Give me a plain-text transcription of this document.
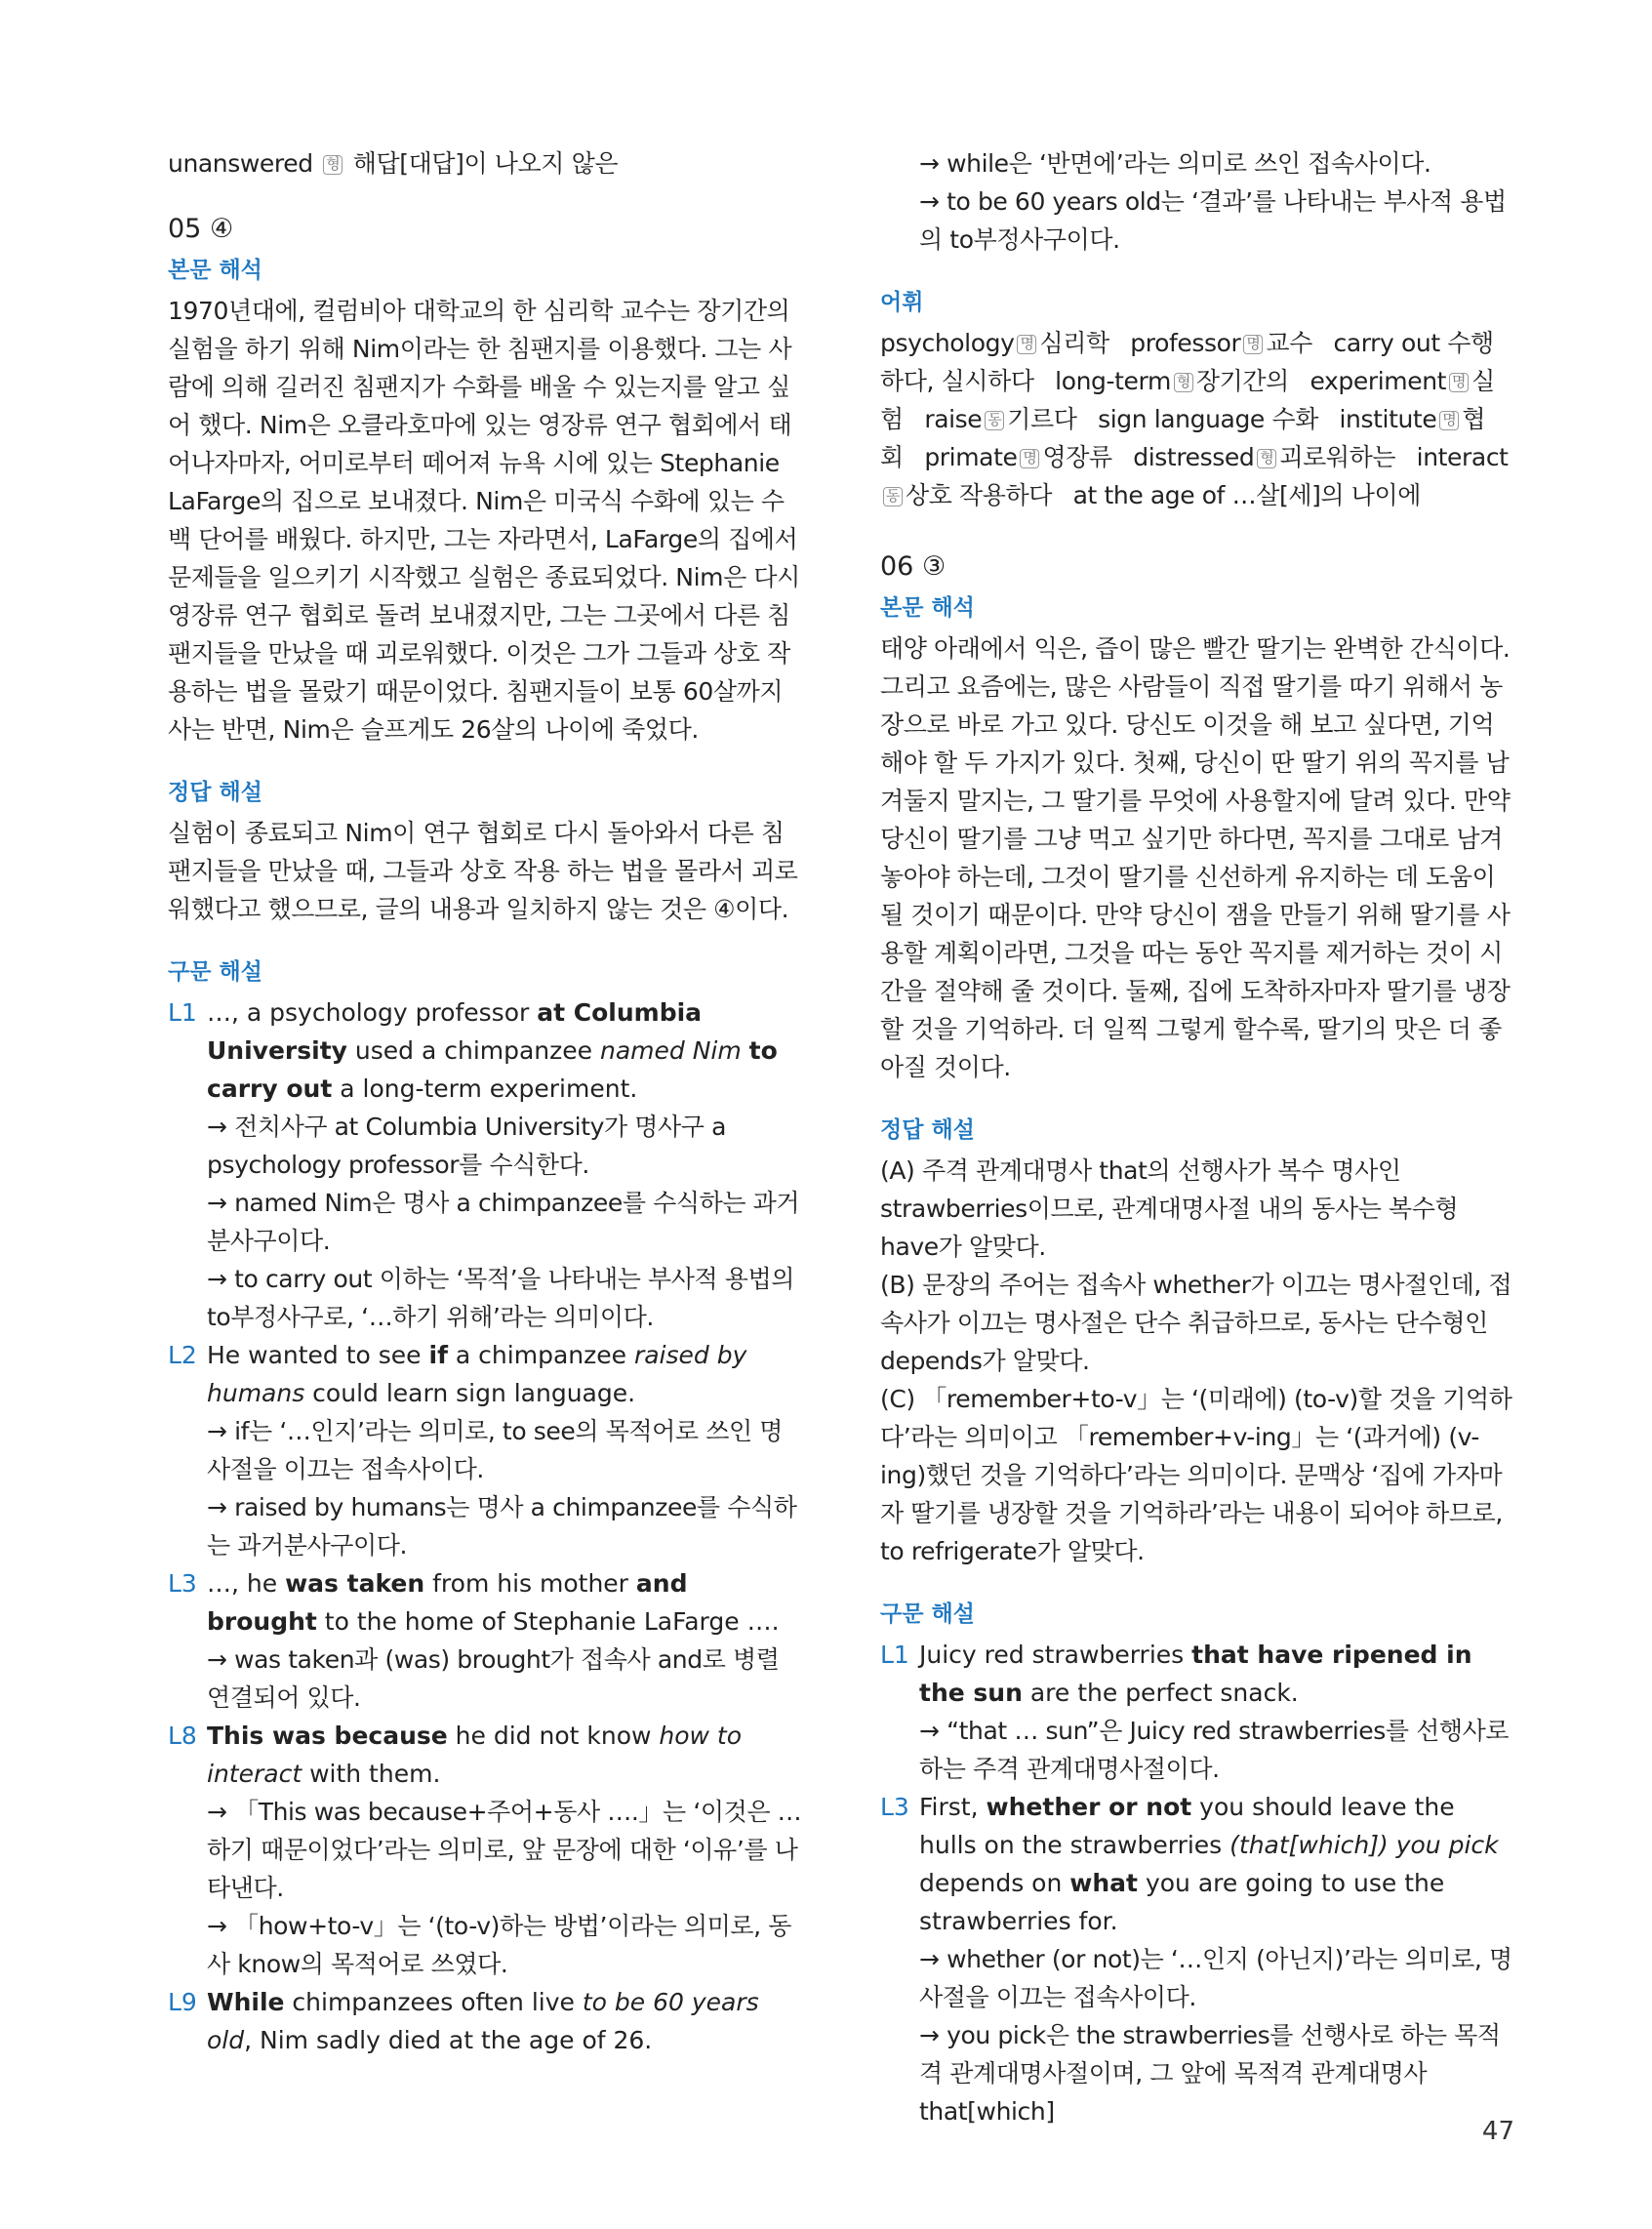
unanswered 형 해답[대답]이 나오지 않은

05 ④

본문 해석

1970년대에, 컬럼비아 대학교의 한 심리학 교수는 장기간의 실험을 하기 위해 Nim이라는 한 침팬지를 이용했다. 그는 사람에 의해 길러진 침팬지가 수화를 배울 수 있는지를 알고 싶어 했다. Nim은 오클라호마에 있는 영장류 연구 협회에서 태어나자마자, 어미로부터 떼어져 뉴욕 시에 있는 Stephanie LaFarge의 집으로 보내졌다. Nim은 미국식 수화에 있는 수백 단어를 배웠다. 하지만, 그는 자라면서, LaFarge의 집에서 문제들을 일으키기 시작했고 실험은 종료되었다. Nim은 다시 영장류 연구 협회로 돌려 보내졌지만, 그는 그곳에서 다른 침팬지들을 만났을 때 괴로워했다. 이것은 그가 그들과 상호 작용하는 법을 몰랐기 때문이었다. 침팬지들이 보통 60살까지 사는 반면, Nim은 슬프게도 26살의 나이에 죽었다.

정답 해설

실험이 종료되고 Nim이 연구 협회로 다시 돌아와서 다른 침팬지들을 만났을 때, 그들과 상호 작용 하는 법을 몰라서 괴로워했다고 했으므로, 글의 내용과 일치하지 않는 것은 ④이다.

구문 해설

L1 …, a psychology professor at Columbia University used a chimpanzee named Nim to carry out a long-term experiment.

→ 전치사구 at Columbia University가 명사구 a psychology professor를 수식한다.

→ named Nim은 명사 a chimpanzee를 수식하는 과거분사구이다.

→ to carry out 이하는 ‘목적’을 나타내는 부사적 용법의 to부정사구로, ‘…하기 위해’라는 의미이다.

L2 He wanted to see if a chimpanzee raised by humans could learn sign language.

→ if는 ‘…인지’라는 의미로, to see의 목적어로 쓰인 명사절을 이끄는 접속사이다.

→ raised by humans는 명사 a chimpanzee를 수식하는 과거분사구이다.

L3 …, he was taken from his mother and brought to the home of Stephanie LaFarge ….

→ was taken과 (was) brought가 접속사 and로 병렬 연결되어 있다.

L8 This was because he did not know how to interact with them.

→ 「This was because+주어+동사 ….」는 ‘이것은 …하기 때문이었다’라는 의미로, 앞 문장에 대한 ‘이유’를 나타낸다.

→ 「how+to-v」는 ‘(to-v)하는 방법’이라는 의미로, 동사 know의 목적어로 쓰였다.

L9 While chimpanzees often live to be 60 years old, Nim sadly died at the age of 26.

→ while은 ‘반면에’라는 의미로 쓰인 접속사이다.

→ to be 60 years old는 ‘결과’를 나타내는 부사적 용법의 to부정사구이다.

어휘

psychology 명 심리학 professor 명 교수 carry out 수행하다, 실시하다 long-term 형 장기간의 experiment 명 실험 raise 동 기르다 sign language 수화 institute 명 협회 primate 명 영장류 distressed 형 괴로워하는 interact동 상호 작용하다 at the age of …살[세]의 나이에

06 ③

본문 해석

태양 아래에서 익은, 즙이 많은 빨간 딸기는 완벽한 간식이다. 그리고 요즘에는, 많은 사람들이 직접 딸기를 따기 위해서 농장으로 바로 가고 있다. 당신도 이것을 해 보고 싶다면, 기억해야 할 두 가지가 있다. 첫째, 당신이 딴 딸기 위의 꼭지를 남겨둘지 말지는, 그 딸기를 무엇에 사용할지에 달려 있다. 만약 당신이 딸기를 그냥 먹고 싶기만 하다면, 꼭지를 그대로 남겨 놓아야 하는데, 그것이 딸기를 신선하게 유지하는 데 도움이 될 것이기 때문이다. 만약 당신이 잼을 만들기 위해 딸기를 사용할 계획이라면, 그것을 따는 동안 꼭지를 제거하는 것이 시간을 절약해 줄 것이다. 둘째, 집에 도착하자마자 딸기를 냉장할 것을 기억하라. 더 일찍 그렇게 할수록, 딸기의 맛은 더 좋아질 것이다.

정답 해설

(A) 주격 관계대명사 that의 선행사가 복수 명사인 strawberries이므로, 관계대명사절 내의 동사는 복수형 have가 알맞다.

(B) 문장의 주어는 접속사 whether가 이끄는 명사절인데, 접속사가 이끄는 명사절은 단수 취급하므로, 동사는 단수형인 depends가 알맞다.

(C) 「remember+to-v」는 ‘(미래에) (to-v)할 것을 기억하다’라는 의미이고 「remember+v-ing」는 ‘(과거에) (v-ing)했던 것을 기억하다’라는 의미이다. 문맥상 ‘집에 가자마자 딸기를 냉장할 것을 기억하라’라는 내용이 되어야 하므로, to refrigerate가 알맞다.

구문 해설

L1 Juicy red strawberries that have ripened in the sun are the perfect snack.

→ “that … sun”은 Juicy red strawberries를 선행사로 하는 주격 관계대명사절이다.

L3 First, whether or not you should leave the hulls on the strawberries (that[which]) you pick depends on what you are going to use the strawberries for.

→ whether (or not)는 ‘…인지 (아닌지)’라는 의미로, 명사절을 이끄는 접속사이다.

→ you pick은 the strawberries를 선행사로 하는 목적격 관계대명사절이며, 그 앞에 목적격 관계대명사 that[which]

47
